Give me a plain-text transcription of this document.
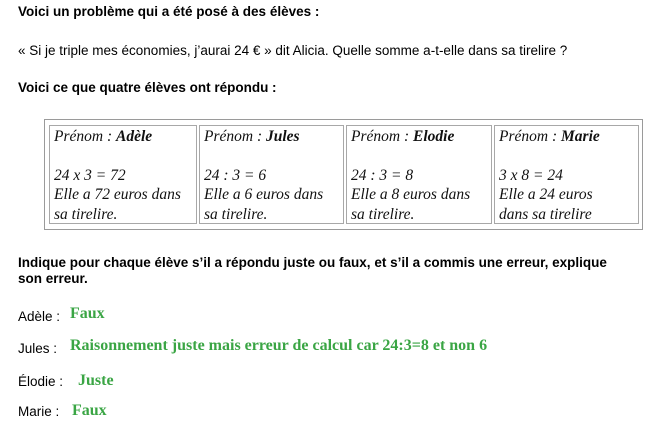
Voici un problème qui a été posé à des élèves :
« Si je triple mes économies, j’aurai 24 € » dit Alicia. Quelle somme a-t-elle dans sa tirelire ?
Voici ce que quatre élèves ont répondu :
Prénom : Adèle
24 x 3 = 72
Elle a 72 euros dans
sa tirelire.
Prénom : Jules
24 : 3 = 6
Elle a 6 euros dans
sa tirelire.
Prénom : Elodie
24 : 3 = 8
Elle a 8 euros dans
sa tirelire.
Prénom : Marie
3 x 8 = 24
Elle a 24 euros
dans sa tirelire
Indique pour chaque élève s’il a répondu juste ou faux, et s’il a commis une erreur, explique
son erreur.
Adèle : Faux
Jules : Raisonnement juste mais erreur de calcul car 24:3=8 et non 6
Élodie : Juste
Marie : Faux
